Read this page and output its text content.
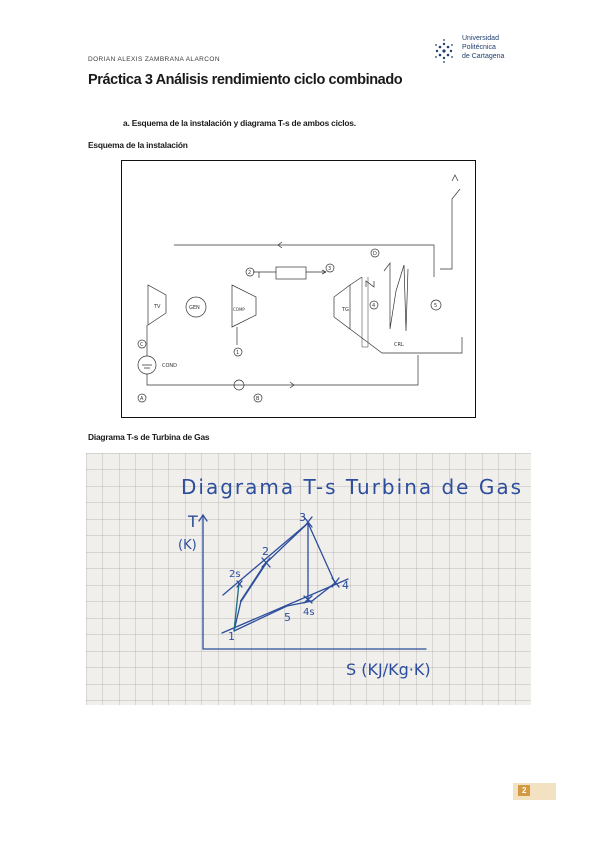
DORIAN ALEXIS ZAMBRANA ALARCON
Universidad
Politécnica
de Cartagena
Práctica 3 Análisis rendimiento ciclo combinado
a. Esquema de la instalación y diagrama T-s de ambos ciclos.
Esquema de la instalación
TV	GEN	COMP	TG
CRL
COND
2
3
D
4	5
1
C
A	B
Diagrama T-s de Turbina de Gas
Diagrama T-s Turbina de Gas
T
(K)
S (KJ/Kg·K)
1
2
2s
3
4
4s
5
2
